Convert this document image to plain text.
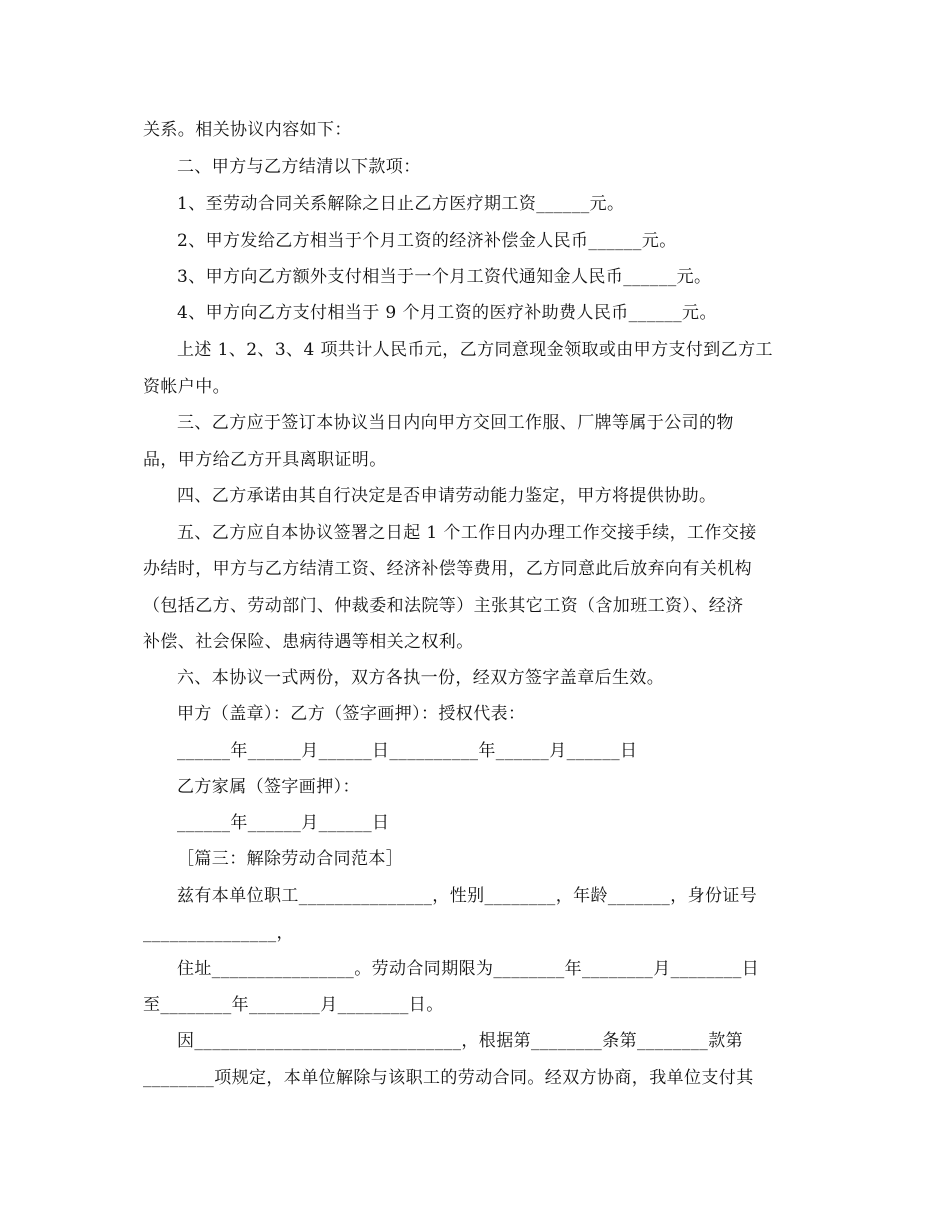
关系。相关协议内容如下：
二、甲方与乙方结清以下款项：
1、至劳动合同关系解除之日止乙方医疗期工资______元。
2、甲方发给乙方相当于个月工资的经济补偿金人民币______元。
3、甲方向乙方额外支付相当于一个月工资代通知金人民币______元。
4、甲方向乙方支付相当于 9 个月工资的医疗补助费人民币______元。
上述 1、2、3、4 项共计人民币元，乙方同意现金领取或由甲方支付到乙方工
资帐户中。
三、乙方应于签订本协议当日内向甲方交回工作服、厂牌等属于公司的物
品，甲方给乙方开具离职证明。
四、乙方承诺由其自行决定是否申请劳动能力鉴定，甲方将提供协助。
五、乙方应自本协议签署之日起 1 个工作日内办理工作交接手续，工作交接
办结时，甲方与乙方结清工资、经济补偿等费用，乙方同意此后放弃向有关机构
（包括乙方、劳动部门、仲裁委和法院等）主张其它工资（含加班工资）、经济
补偿、社会保险、患病待遇等相关之权利。
六、本协议一式两份，双方各执一份，经双方签字盖章后生效。
甲方（盖章）：乙方（签字画押）：授权代表：
______年______月______日__________年______月______日
乙方家属（签字画押）：
______年______月______日
［篇三：解除劳动合同范本］
兹有本单位职工_______________，性别________，年龄_______，身份证号
_______________，
住址________________。劳动合同期限为________年________月________日
至________年________月________日。
因______________________________，根据第________条第________款第
________项规定，本单位解除与该职工的劳动合同。经双方协商，我单位支付其
